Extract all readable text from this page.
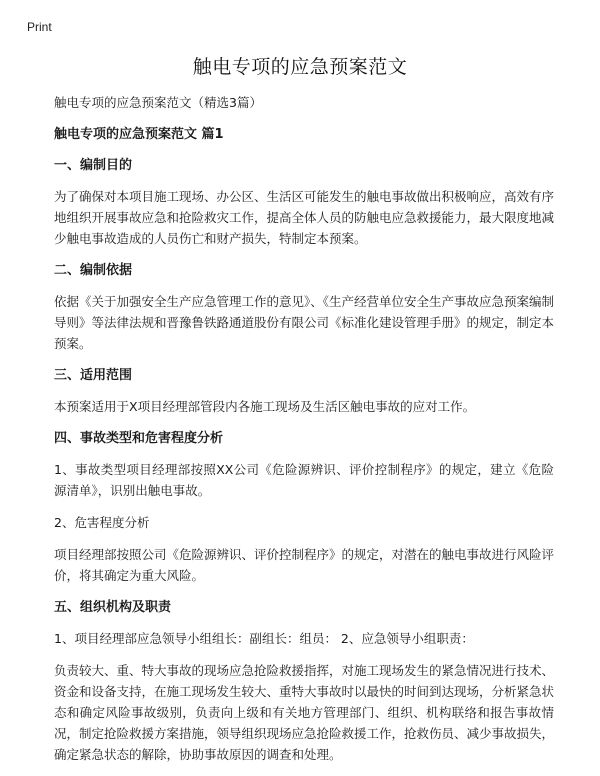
Print
触电专项的应急预案范文

触电专项的应急预案范文（精选3篇）

触电专项的应急预案范文 篇1

一、编制目的

为了确保对本项目施工现场、办公区、生活区可能发生的触电事故做出积极响应，高效有序地组织开展事故应急和抢险救灾工作，提高全体人员的防触电应急救援能力，最大限度地减少触电事故造成的人员伤亡和财产损失，特制定本预案。

二、编制依据

依据《关于加强安全生产应急管理工作的意见》、《生产经营单位安全生产事故应急预案编制导则》等法律法规和晋豫鲁铁路通道股份有限公司《标准化建设管理手册》的规定，制定本预案。

三、适用范围

本预案适用于X项目经理部管段内各施工现场及生活区触电事故的应对工作。

四、事故类型和危害程度分析

1、事故类型项目经理部按照XX公司《危险源辨识、评价控制程序》的规定，建立《危险源清单》，识别出触电事故。

2、危害程度分析

项目经理部按照公司《危险源辨识、评价控制程序》的规定，对潜在的触电事故进行风险评价，将其确定为重大风险。

五、组织机构及职责

1、项目经理部应急领导小组组长：副组长：组员： 2、应急领导小组职责：

负责较大、重、特大事故的现场应急抢险救援指挥，对施工现场发生的紧急情况进行技术、资金和设备支持，在施工现场发生较大、重特大事故时以最快的时间到达现场，分析紧急状态和确定风险事故级别，负责向上级和有关地方管理部门、组织、机构联络和报告事故情况，制定抢险救援方案措施，领导组织现场应急抢险救援工作，抢救伤员、减少事故损失，确定紧急状态的解除，协助事故原因的调查和处理。
